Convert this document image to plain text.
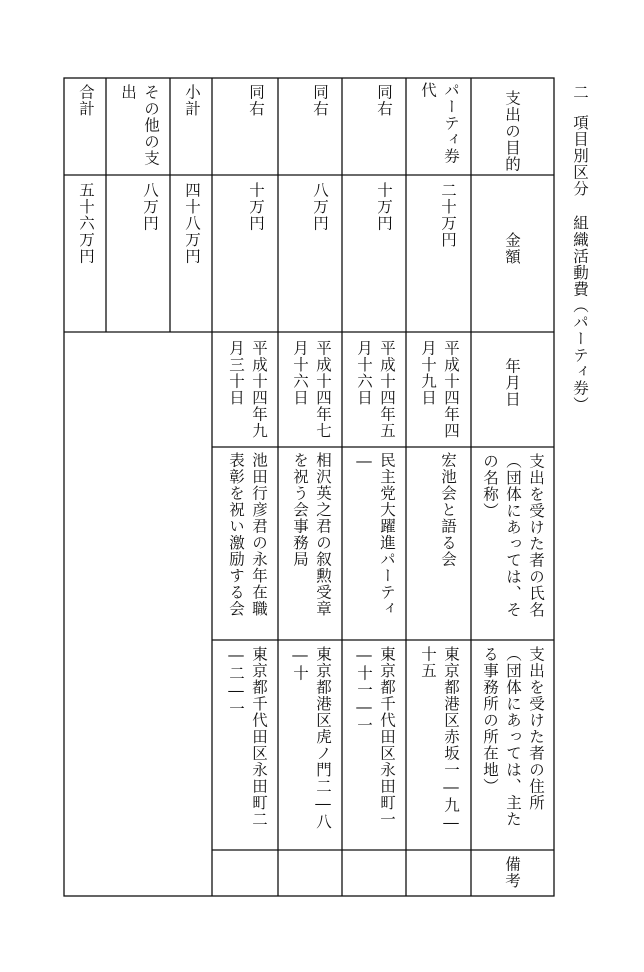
二項目別区分組織活動費（パーティ券）
支出の目的
金額
年月日
支出を受けた者の氏名
（団体にあっては、そ
の名称）
支出を受けた者の住所
（団体にあっては、主た
る事務所の所在地）
備考
パーティ券
代
二十万円
平成十四年四
月十九日
宏池会と語る会
東京都港区赤坂一―九―
十五
同右
十万円
平成十四年五
月十六日
民主党大躍進パーティ
―
東京都千代田区永田町一
―十一―一
同右
八万円
平成十四年七
月十六日
相沢英之君の叙勲受章
を祝う会事務局
東京都港区虎ノ門二―八
―十
同右
十万円
平成十四年九
月三十日
池田行彦君の永年在職
表彰を祝い激励する会
東京都千代田区永田町二
―二―一
小計
四十八万円
その他の支
出
八万円
合計
五十六万円
